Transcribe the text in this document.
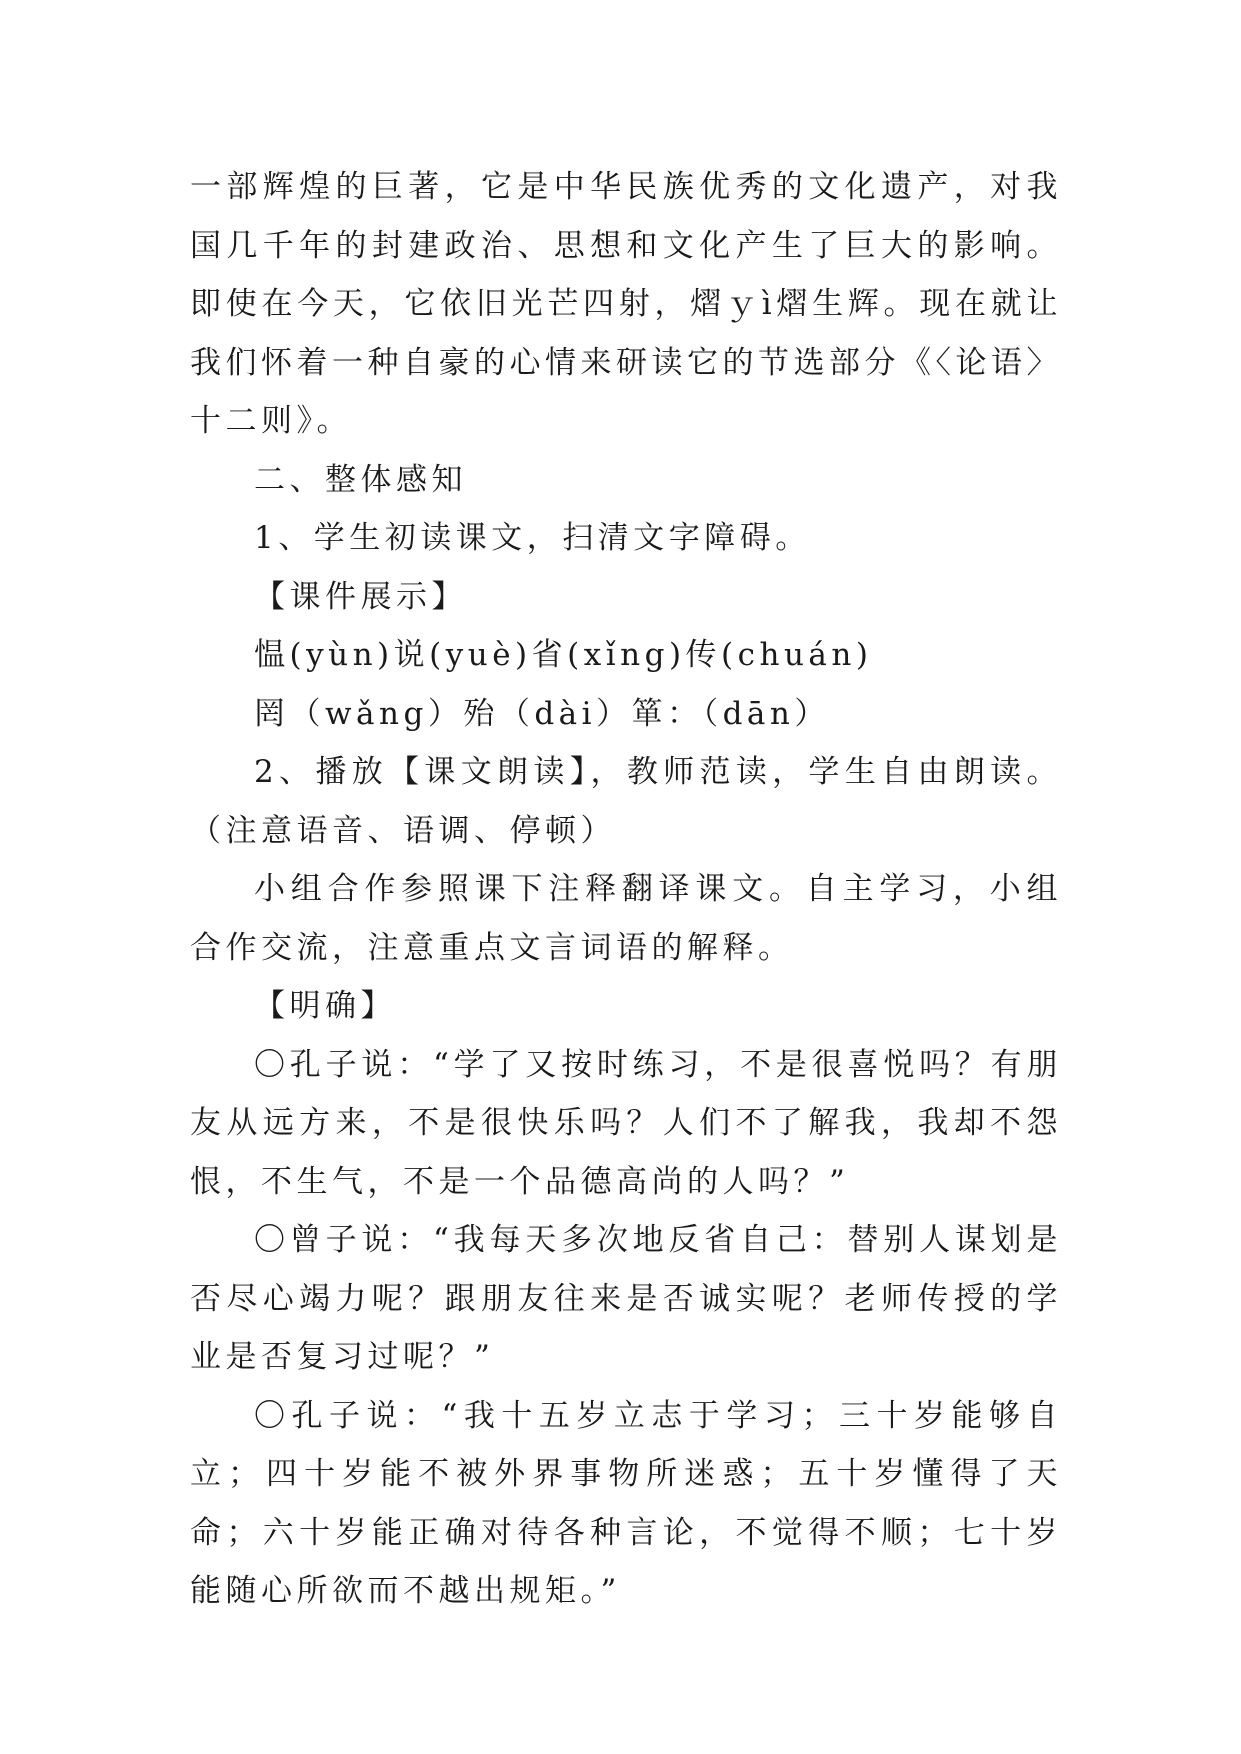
一部辉煌的巨著，它是中华民族优秀的文化遗产，对我国几千年的封建政治、思想和文化产生了巨大的影响。即使在今天，它依旧光芒四射，熠ｙì熠生辉。现在就让我们怀着一种自豪的心情来研读它的节选部分《〈论语〉十二则》。

二、整体感知

1、学生初读课文，扫清文字障碍。

【课件展示】

愠(yùn)说(yuè)省(xǐng)传(chuán)

罔（wǎng）殆（dài）箪：（dān）

2、播放【课文朗读】，教师范读，学生自由朗读。（注意语音、语调、停顿）

小组合作参照课下注释翻译课文。自主学习，小组合作交流，注意重点文言词语的解释。

【明确】

〇孔子说：“学了又按时练习，不是很喜悦吗？有朋友从远方来，不是很快乐吗？人们不了解我，我却不怨恨，不生气，不是一个品德高尚的人吗？”

〇曾子说：“我每天多次地反省自己：替别人谋划是否尽心竭力呢？跟朋友往来是否诚实呢？老师传授的学业是否复习过呢？”

〇孔子说：“我十五岁立志于学习；三十岁能够自立；四十岁能不被外界事物所迷惑；五十岁懂得了天命；六十岁能正确对待各种言论，不觉得不顺；七十岁能随心所欲而不越出规矩。”
